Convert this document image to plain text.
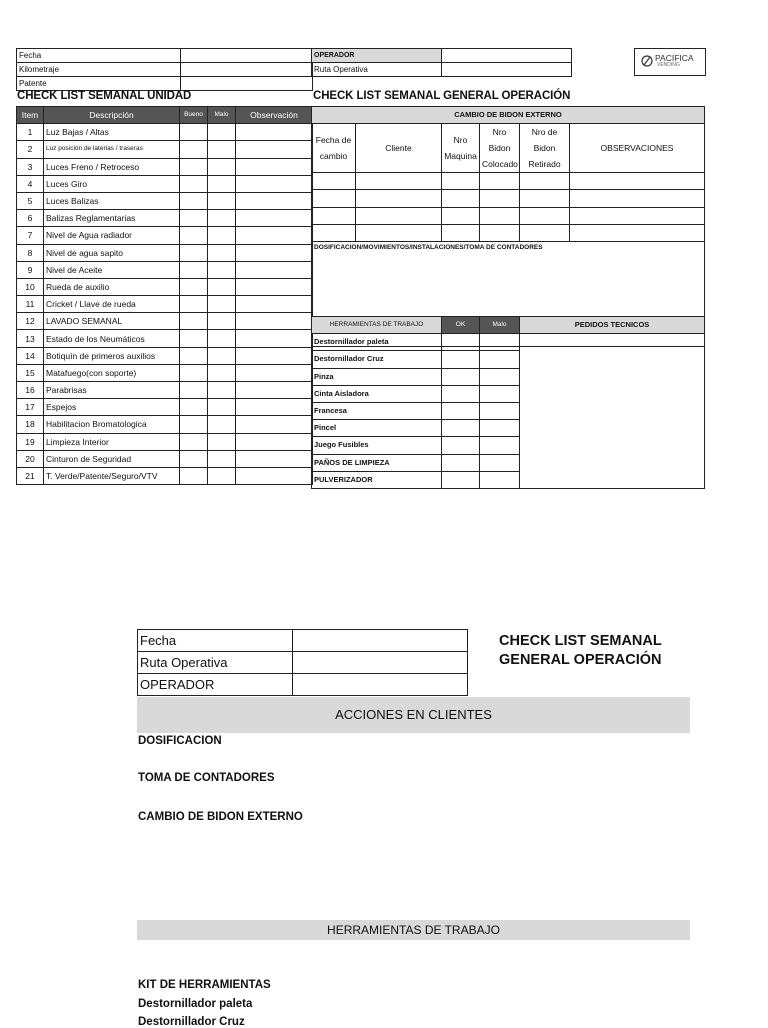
Fecha	
Kilometraje	
Patente	
OPERADOR	
Ruta Operativa	
PACIFICA
VENDING
CHECK LIST SEMANAL UNIDAD
Item	Descripción	Bueno	Malo	Observación
1	Luz Bajas / Altas			
2	Luz posición de laterias / traseras			
3	Luces Freno / Retroceso			
4	Luces Giro			
5	Luces Balizas			
6	Balizas Reglamentarias			
7	Nivel de Agua radiador			
8	Nivel de agua sapito			
9	Nivel de Aceite			
10	Rueda de auxilio			
11	Cricket / Llave de rueda			
12	LAVADO SEMANAL			
13	Estado de los Neumáticos			
14	Botiquín de primeros auxilios			
15	Matafuego(con soporte)			
16	Parabrisas			
17	Espejos			
18	Habilitacion Bromatologica			
19	Limpieza Interior			
20	Cinturon de Seguridad			
21	T. Verde/Patente/Seguro/VTV			
CHECK LIST SEMANAL GENERAL OPERACIÓN
CAMBIO DE BIDON EXTERNO					
Fecha de cambio	Cliente	Nro Maquina	Nro Bidon Colocado	Nro de Bidon Retirado	OBSERVACIONES

DOSIFICACION/MOVIMIENTOS/INSTALACIONES/TOMA DE CONTADORES					
HERRAMIENTAS DE TRABAJO	OK	Malo	PEDIDOS TECNICOS
Destornillador paleta			
Destornillador Cruz			
Pinza			
Cinta Aisladora			
Francesa			
Pincel			
Juego Fusibles			
PAÑOS DE LIMPIEZA			
PULVERIZADOR			
Fecha	
Ruta Operativa	
OPERADOR	
CHECK LIST SEMANAL
GENERAL OPERACIÓN
ACCIONES EN CLIENTES
DOSIFICACION
TOMA DE CONTADORES
CAMBIO DE BIDON EXTERNO
HERRAMIENTAS DE TRABAJO
KIT DE HERRAMIENTAS
Destornillador paleta
Destornillador Cruz
